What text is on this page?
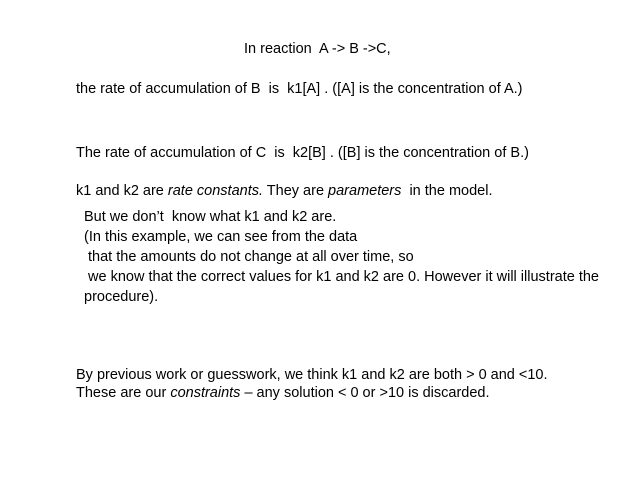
In reaction  A -> B ->C,
the rate of accumulation of B  is  k1[A] . ([A] is the concentration of A.)
The rate of accumulation of C  is  k2[B] . ([B] is the concentration of B.)
k1 and k2 are rate constants. They are parameters  in the model.
But we don’t  know what k1 and k2 are.
(In this example, we can see from the data
that the amounts do not change at all over time, so
we know that the correct values for k1 and k2 are 0. However it will illustrate the
procedure).
By previous work or guesswork, we think k1 and k2 are both > 0 and <10.
These are our constraints – any solution < 0 or >10 is discarded.
